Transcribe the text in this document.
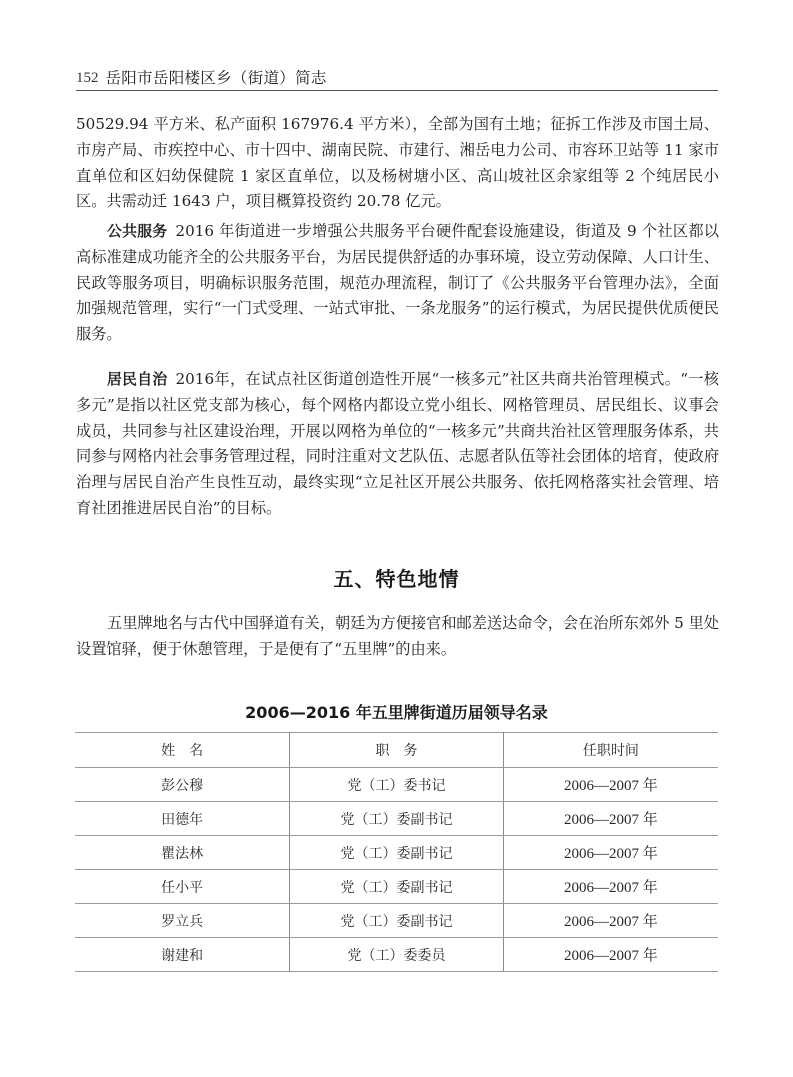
152 岳阳市岳阳楼区乡（街道）简志

50529.94 平方米、私产面积 167976.4 平方米），全部为国有土地；征拆工作涉及市国土局、市房产局、市疾控中心、市十四中、湖南民院、市建行、湘岳电力公司、市容环卫站等 11 家市直单位和区妇幼保健院 1 家区直单位，以及杨树塘小区、高山坡社区余家组等 2 个纯居民小区。共需动迁 1643 户，项目概算投资约 20.78 亿元。

公共服务 2016 年街道进一步增强公共服务平台硬件配套设施建设，街道及 9 个社区都以高标准建成功能齐全的公共服务平台，为居民提供舒适的办事环境，设立劳动保障、人口计生、民政等服务项目，明确标识服务范围，规范办理流程，制订了《公共服务平台管理办法》，全面加强规范管理，实行“一门式受理、一站式审批、一条龙服务”的运行模式，为居民提供优质便民服务。

居民自治 2016年，在试点社区街道创造性开展“一核多元”社区共商共治管理模式。“一核多元”是指以社区党支部为核心，每个网格内都设立党小组长、网格管理员、居民组长、议事会成员，共同参与社区建设治理，开展以网格为单位的“一核多元”共商共治社区管理服务体系，共同参与网格内社会事务管理过程，同时注重对文艺队伍、志愿者队伍等社会团体的培育，使政府治理与居民自治产生良性互动，最终实现“立足社区开展公共服务、依托网格落实社会管理、培育社团推进居民自治”的目标。

五、特色地情

五里牌地名与古代中国驿道有关，朝廷为方便接官和邮差送达命令，会在治所东郊外 5 里处设置馆驿，便于休憩管理，于是便有了“五里牌”的由来。

2006—2016 年五里牌街道历届领导名录
姓　名	职　务	任职时间
彭公穆	党（工）委书记	2006—2007 年
田德年	党（工）委副书记	2006—2007 年
瞿法林	党（工）委副书记	2006—2007 年
任小平	党（工）委副书记	2006—2007 年
罗立兵	党（工）委副书记	2006—2007 年
谢建和	党（工）委委员	2006—2007 年
